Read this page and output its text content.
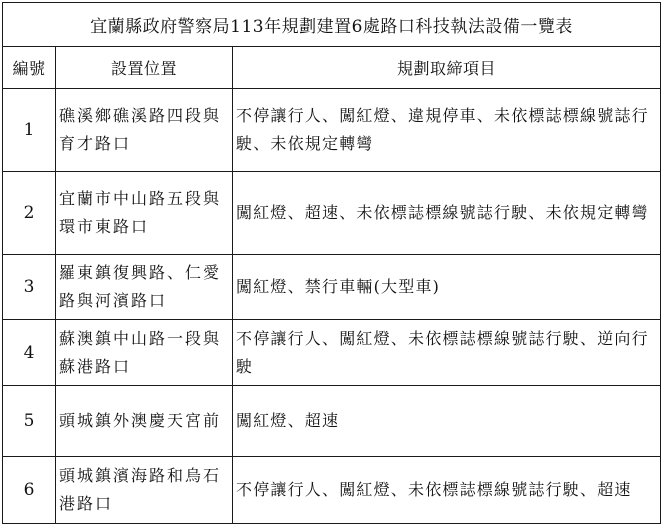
宜蘭縣政府警察局113年規劃建置6處路口科技執法設備一覽表		
編號	設置位置	規劃取締項目
1	礁溪鄉礁溪路四段與育才路口	不停讓行人、闖紅燈、違規停車、未依標誌標線號誌行駛、未依規定轉彎
2	宜蘭市中山路五段與環市東路口	闖紅燈、超速、未依標誌標線號誌行駛、未依規定轉彎
3	羅東鎮復興路、仁愛路與河濱路口	闖紅燈、禁行車輛(大型車)
4	蘇澳鎮中山路一段與蘇港路口	不停讓行人、闖紅燈、未依標誌標線號誌行駛、逆向行駛
5	頭城鎮外澳慶天宮前	闖紅燈、超速
6	頭城鎮濱海路和烏石港路口	不停讓行人、闖紅燈、未依標誌標線號誌行駛、超速
